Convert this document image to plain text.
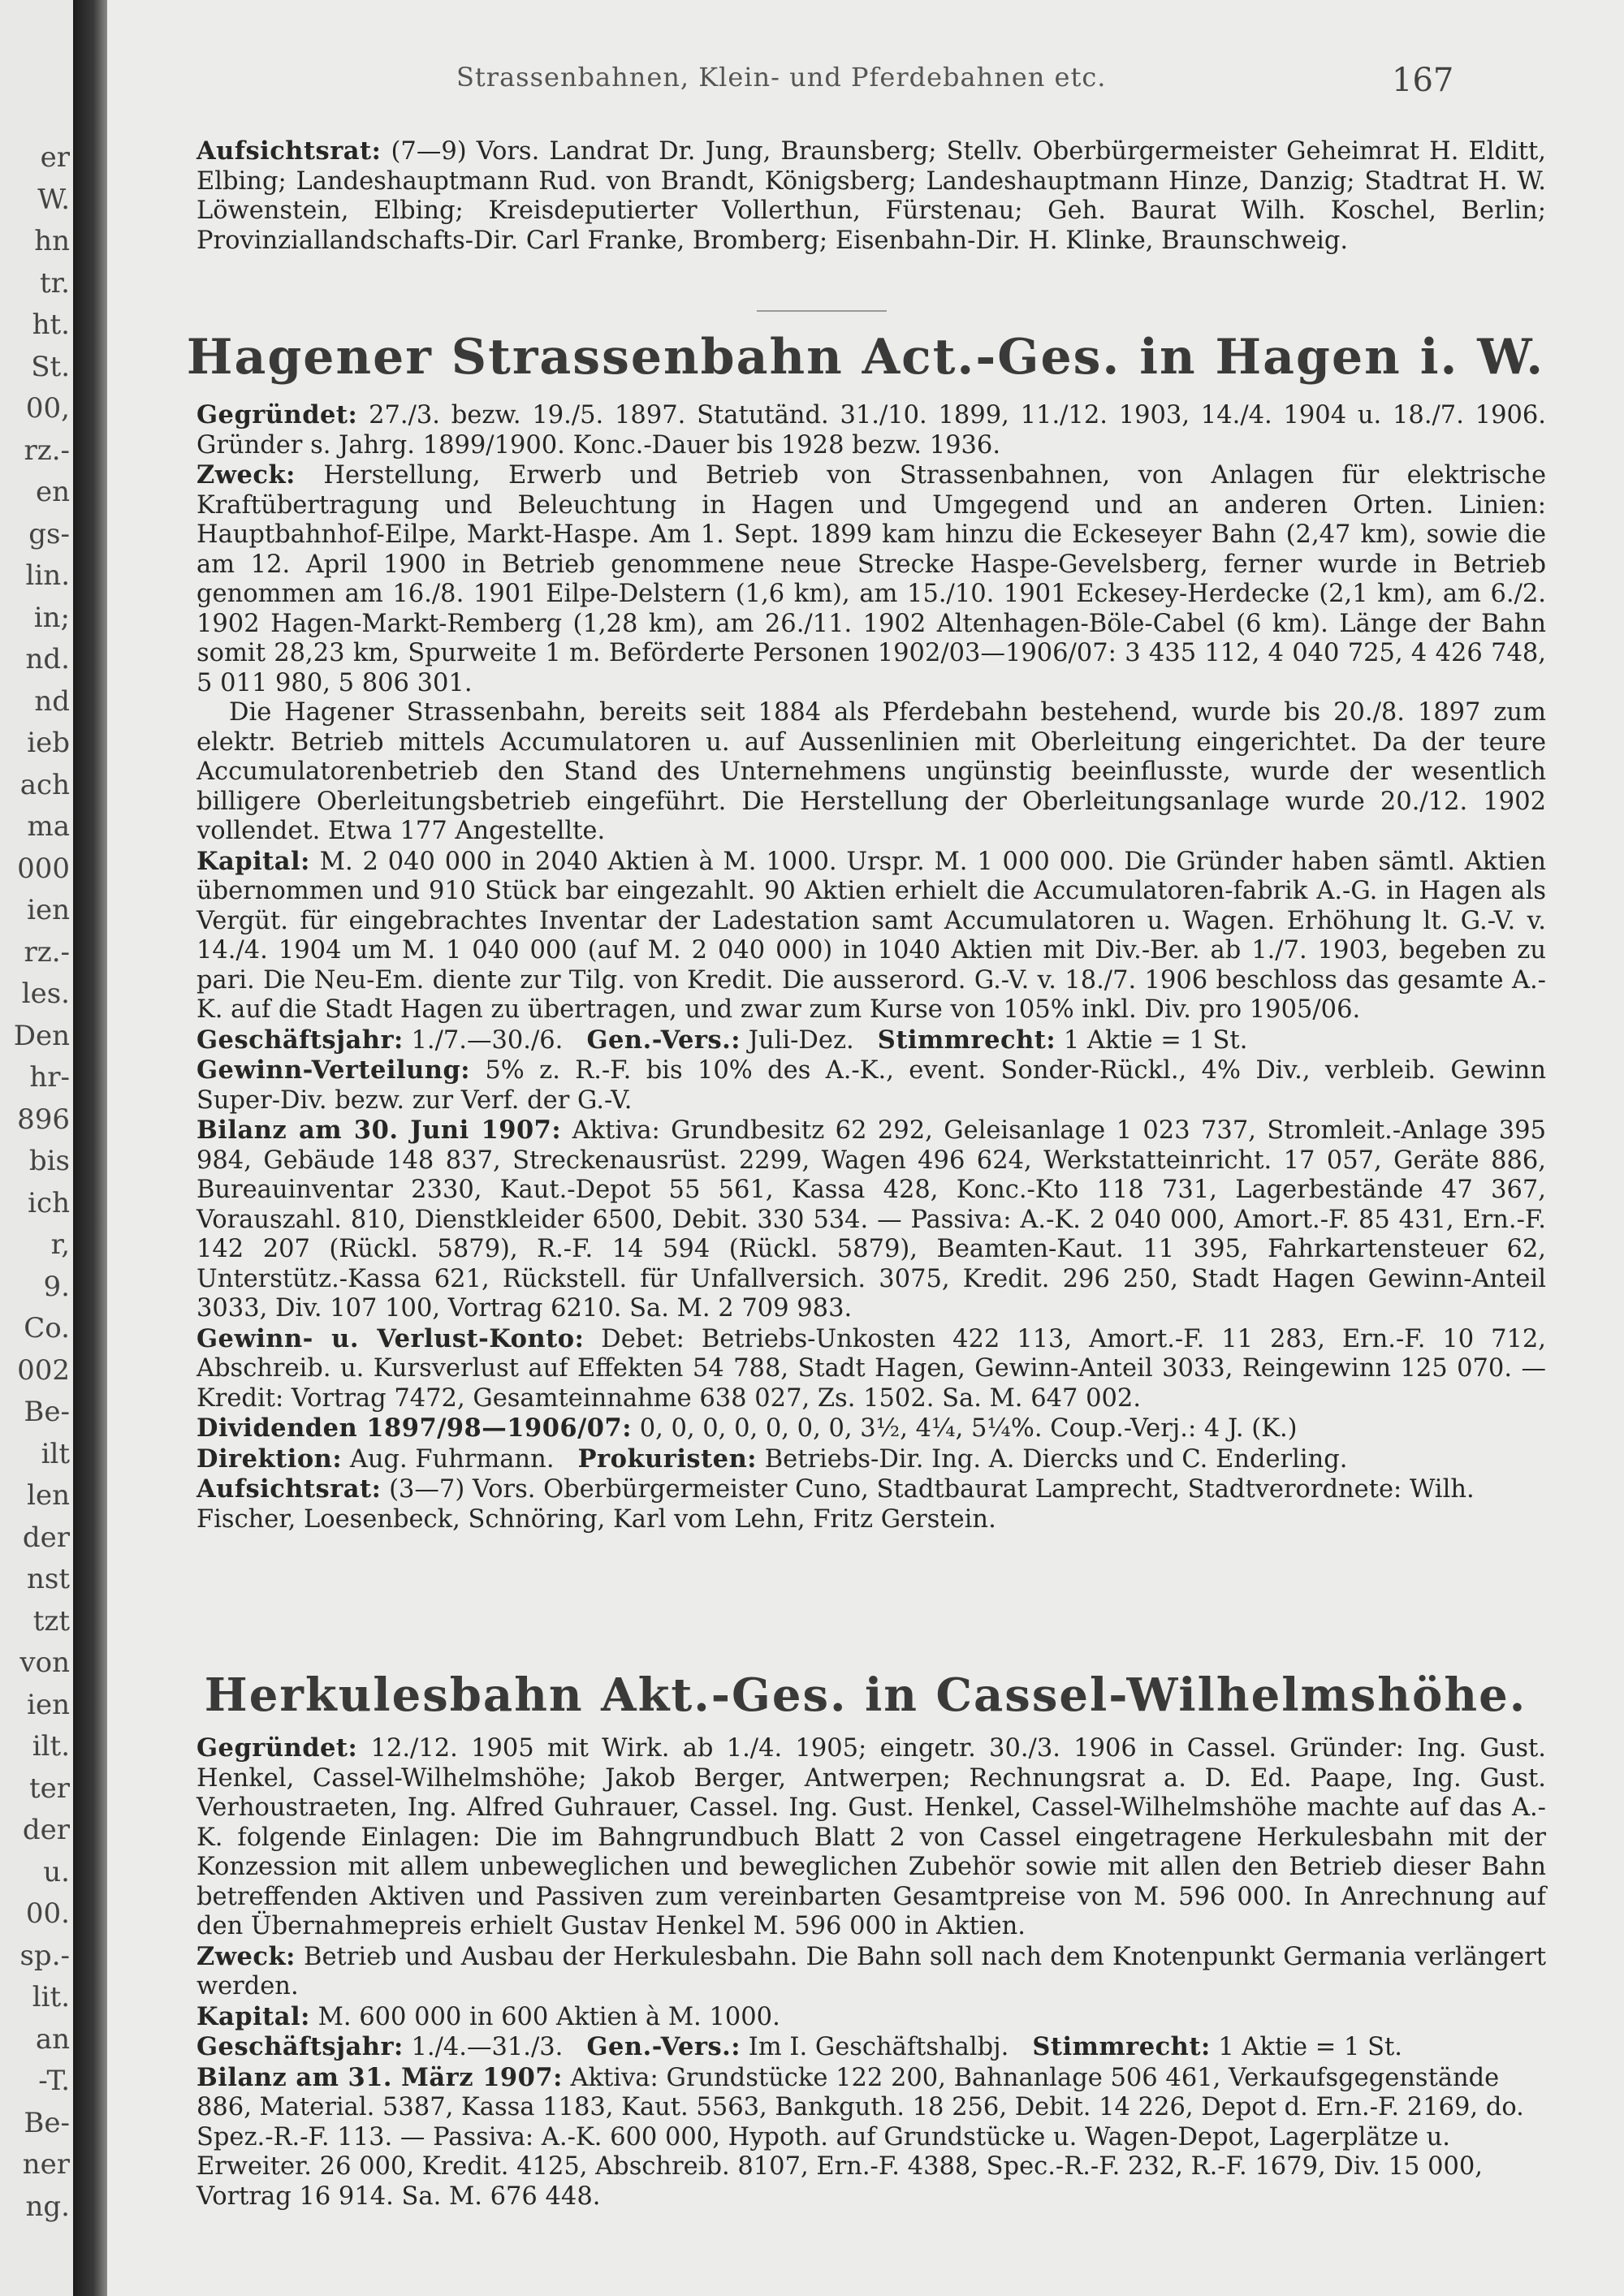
er
W.
hn
tr.
ht.
St.
00,
rz.-
en
gs-
lin.
in;
nd.
nd
ieb
ach
ma
000
ien
rz.-
les.
Den
hr-
896
bis
ich
r,
9.
Co.
002
Be-
ilt
len
der
nst
tzt
von
ien
ilt.
ter
der
u.
00.
sp.-
lit.
an
-T.
Be-
ner
ng.
Strassenbahnen, Klein- und Pferdebahnen etc.	167

Aufsichtsrat: (7—9) Vors. Landrat Dr. Jung, Braunsberg; Stellv. Oberbürgermeister Geheimrat H. Elditt, Elbing; Landeshauptmann Rud. von Brandt, Königsberg; Landeshauptmann Hinze, Danzig; Stadtrat H. W. Löwenstein, Elbing; Kreisdeputierter Vollerthun, Fürstenau; Geh. Baurat Wilh. Koschel, Berlin; Provinziallandschafts-Dir. Carl Franke, Bromberg; Eisenbahn-Dir. H. Klinke, Braunschweig.

Hagener Strassenbahn Act.-Ges. in Hagen i. W.

Gegründet: 27./3. bezw. 19./5. 1897. Statutänd. 31./10. 1899, 11./12. 1903, 14./4. 1904 u. 18./7. 1906. Gründer s. Jahrg. 1899/1900. Konc.-Dauer bis 1928 bezw. 1936.

Zweck: Herstellung, Erwerb und Betrieb von Strassenbahnen, von Anlagen für elektrische Kraftübertragung und Beleuchtung in Hagen und Umgegend und an anderen Orten. Linien: Hauptbahnhof-Eilpe, Markt-Haspe. Am 1. Sept. 1899 kam hinzu die Eckeseyer Bahn (2,47 km), sowie die am 12. April 1900 in Betrieb genommene neue Strecke Haspe-Gevelsberg, ferner wurde in Betrieb genommen am 16./8. 1901 Eilpe-Delstern (1,6 km), am 15./10. 1901 Eckesey-Herdecke (2,1 km), am 6./2. 1902 Hagen-Markt-Remberg (1,28 km), am 26./11. 1902 Altenhagen-Böle-Cabel (6 km). Länge der Bahn somit 28,23 km, Spurweite 1 m. Beförderte Personen 1902/03—1906/07: 3 435 112, 4 040 725, 4 426 748, 5 011 980, 5 806 301.

Die Hagener Strassenbahn, bereits seit 1884 als Pferdebahn bestehend, wurde bis 20./8. 1897 zum elektr. Betrieb mittels Accumulatoren u. auf Aussenlinien mit Oberleitung eingerichtet. Da der teure Accumulatorenbetrieb den Stand des Unternehmens ungünstig beeinflusste, wurde der wesentlich billigere Oberleitungsbetrieb eingeführt. Die Herstellung der Oberleitungsanlage wurde 20./12. 1902 vollendet. Etwa 177 Angestellte.

Kapital: M. 2 040 000 in 2040 Aktien à M. 1000. Urspr. M. 1 000 000. Die Gründer haben sämtl. Aktien übernommen und 910 Stück bar eingezahlt. 90 Aktien erhielt die Accumulatoren-fabrik A.-G. in Hagen als Vergüt. für eingebrachtes Inventar der Ladestation samt Accumulatoren u. Wagen. Erhöhung lt. G.-V. v. 14./4. 1904 um M. 1 040 000 (auf M. 2 040 000) in 1040 Aktien mit Div.-Ber. ab 1./7. 1903, begeben zu pari. Die Neu-Em. diente zur Tilg. von Kredit. Die ausserord. G.-V. v. 18./7. 1906 beschloss das gesamte A.-K. auf die Stadt Hagen zu übertragen, und zwar zum Kurse von 105% inkl. Div. pro 1905/06.

Geschäftsjahr: 1./7.—30./6. Gen.-Vers.: Juli-Dez. Stimmrecht: 1 Aktie = 1 St.

Gewinn-Verteilung: 5% z. R.-F. bis 10% des A.-K., event. Sonder-Rückl., 4% Div., verbleib. Gewinn Super-Div. bezw. zur Verf. der G.-V.

Bilanz am 30. Juni 1907: Aktiva: Grundbesitz 62 292, Geleisanlage 1 023 737, Stromleit.-Anlage 395 984, Gebäude 148 837, Streckenausrüst. 2299, Wagen 496 624, Werkstatteinricht. 17 057, Geräte 886, Bureauinventar 2330, Kaut.-Depot 55 561, Kassa 428, Konc.-Kto 118 731, Lagerbestände 47 367, Vorauszahl. 810, Dienstkleider 6500, Debit. 330 534. — Passiva: A.-K. 2 040 000, Amort.-F. 85 431, Ern.-F. 142 207 (Rückl. 5879), R.-F. 14 594 (Rückl. 5879), Beamten-Kaut. 11 395, Fahrkartensteuer 62, Unterstütz.-Kassa 621, Rückstell. für Unfallversich. 3075, Kredit. 296 250, Stadt Hagen Gewinn-Anteil 3033, Div. 107 100, Vortrag 6210. Sa. M. 2 709 983.

Gewinn- u. Verlust-Konto: Debet: Betriebs-Unkosten 422 113, Amort.-F. 11 283, Ern.-F. 10 712, Abschreib. u. Kursverlust auf Effekten 54 788, Stadt Hagen, Gewinn-Anteil 3033, Reingewinn 125 070. — Kredit: Vortrag 7472, Gesamteinnahme 638 027, Zs. 1502. Sa. M. 647 002.

Dividenden 1897/98—1906/07: 0, 0, 0, 0, 0, 0, 0, 3½, 4¼, 5¼%. Coup.-Verj.: 4 J. (K.)

Direktion: Aug. Fuhrmann. Prokuristen: Betriebs-Dir. Ing. A. Diercks und C. Enderling.

Aufsichtsrat: (3—7) Vors. Oberbürgermeister Cuno, Stadtbaurat Lamprecht, Stadtverordnete: Wilh. Fischer, Loesenbeck, Schnöring, Karl vom Lehn, Fritz Gerstein.

Herkulesbahn Akt.-Ges. in Cassel-Wilhelmshöhe.

Gegründet: 12./12. 1905 mit Wirk. ab 1./4. 1905; eingetr. 30./3. 1906 in Cassel. Gründer: Ing. Gust. Henkel, Cassel-Wilhelmshöhe; Jakob Berger, Antwerpen; Rechnungsrat a. D. Ed. Paape, Ing. Gust. Verhoustraeten, Ing. Alfred Guhrauer, Cassel. Ing. Gust. Henkel, Cassel-Wilhelmshöhe machte auf das A.-K. folgende Einlagen: Die im Bahngrundbuch Blatt 2 von Cassel eingetragene Herkulesbahn mit der Konzession mit allem unbeweglichen und beweglichen Zubehör sowie mit allen den Betrieb dieser Bahn betreffenden Aktiven und Passiven zum vereinbarten Gesamtpreise von M. 596 000. In Anrechnung auf den Übernahmepreis erhielt Gustav Henkel M. 596 000 in Aktien.

Zweck: Betrieb und Ausbau der Herkulesbahn. Die Bahn soll nach dem Knotenpunkt Germania verlängert werden.

Kapital: M. 600 000 in 600 Aktien à M. 1000.

Geschäftsjahr: 1./4.—31./3. Gen.-Vers.: Im I. Geschäftshalbj. Stimmrecht: 1 Aktie = 1 St.

Bilanz am 31. März 1907: Aktiva: Grundstücke 122 200, Bahnanlage 506 461, Verkaufsgegenstände 886, Material. 5387, Kassa 1183, Kaut. 5563, Bankguth. 18 256, Debit. 14 226, Depot d. Ern.-F. 2169, do. Spez.-R.-F. 113. — Passiva: A.-K. 600 000, Hypoth. auf Grundstücke u. Wagen-Depot, Lagerplätze u. Erweiter. 26 000, Kredit. 4125, Abschreib. 8107, Ern.-F. 4388, Spec.-R.-F. 232, R.-F. 1679, Div. 15 000, Vortrag 16 914. Sa. M. 676 448.
